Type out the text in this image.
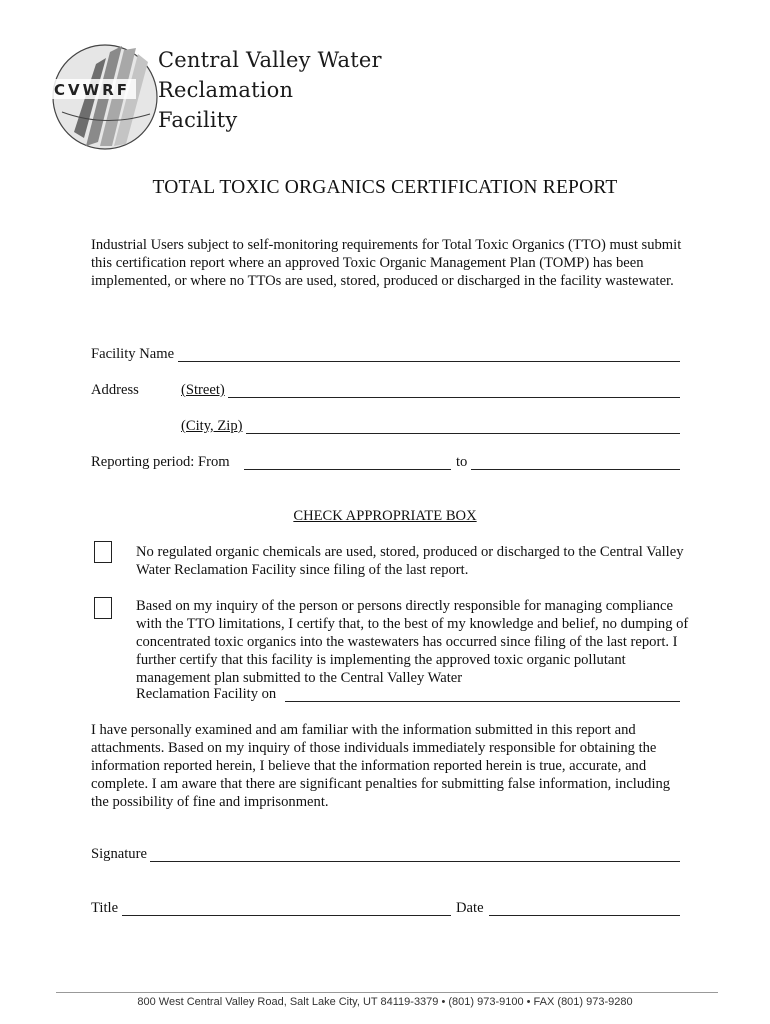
CVWRF
Central Valley Water
Reclamation
Facility
TOTAL TOXIC ORGANICS CERTIFICATION REPORT
Industrial Users subject to self-monitoring requirements for Total Toxic Organics (TTO) must submit this certification report where an approved Toxic Organic Management Plan (TOMP) has been implemented, or where no TTOs are used, stored, produced or discharged in the facility wastewater.
Facility Name
Address	(Street)
(City, Zip)
Reporting period: From	to
CHECK APPROPRIATE BOX
No regulated organic chemicals are used, stored, produced or discharged to the Central Valley Water Reclamation Facility since filing of the last report.
Based on my inquiry of the person or persons directly responsible for managing compliance with the TTO limitations, I certify that, to the best of my knowledge and belief, no dumping of concentrated toxic organics into the wastewaters has occurred since filing of the last report. I further certify that this facility is implementing the approved toxic organic pollutant management plan submitted to the Central Valley Water
Reclamation Facility on
I have personally examined and am familiar with the information submitted in this report and attachments. Based on my inquiry of those individuals immediately responsible for obtaining the information reported herein, I believe that the information reported herein is true, accurate, and complete. I am aware that there are significant penalties for submitting false information, including the possibility of fine and imprisonment.
Signature
Title	Date
800 West Central Valley Road, Salt Lake City, UT 84119-3379 • (801) 973-9100 • FAX (801) 973-9280
